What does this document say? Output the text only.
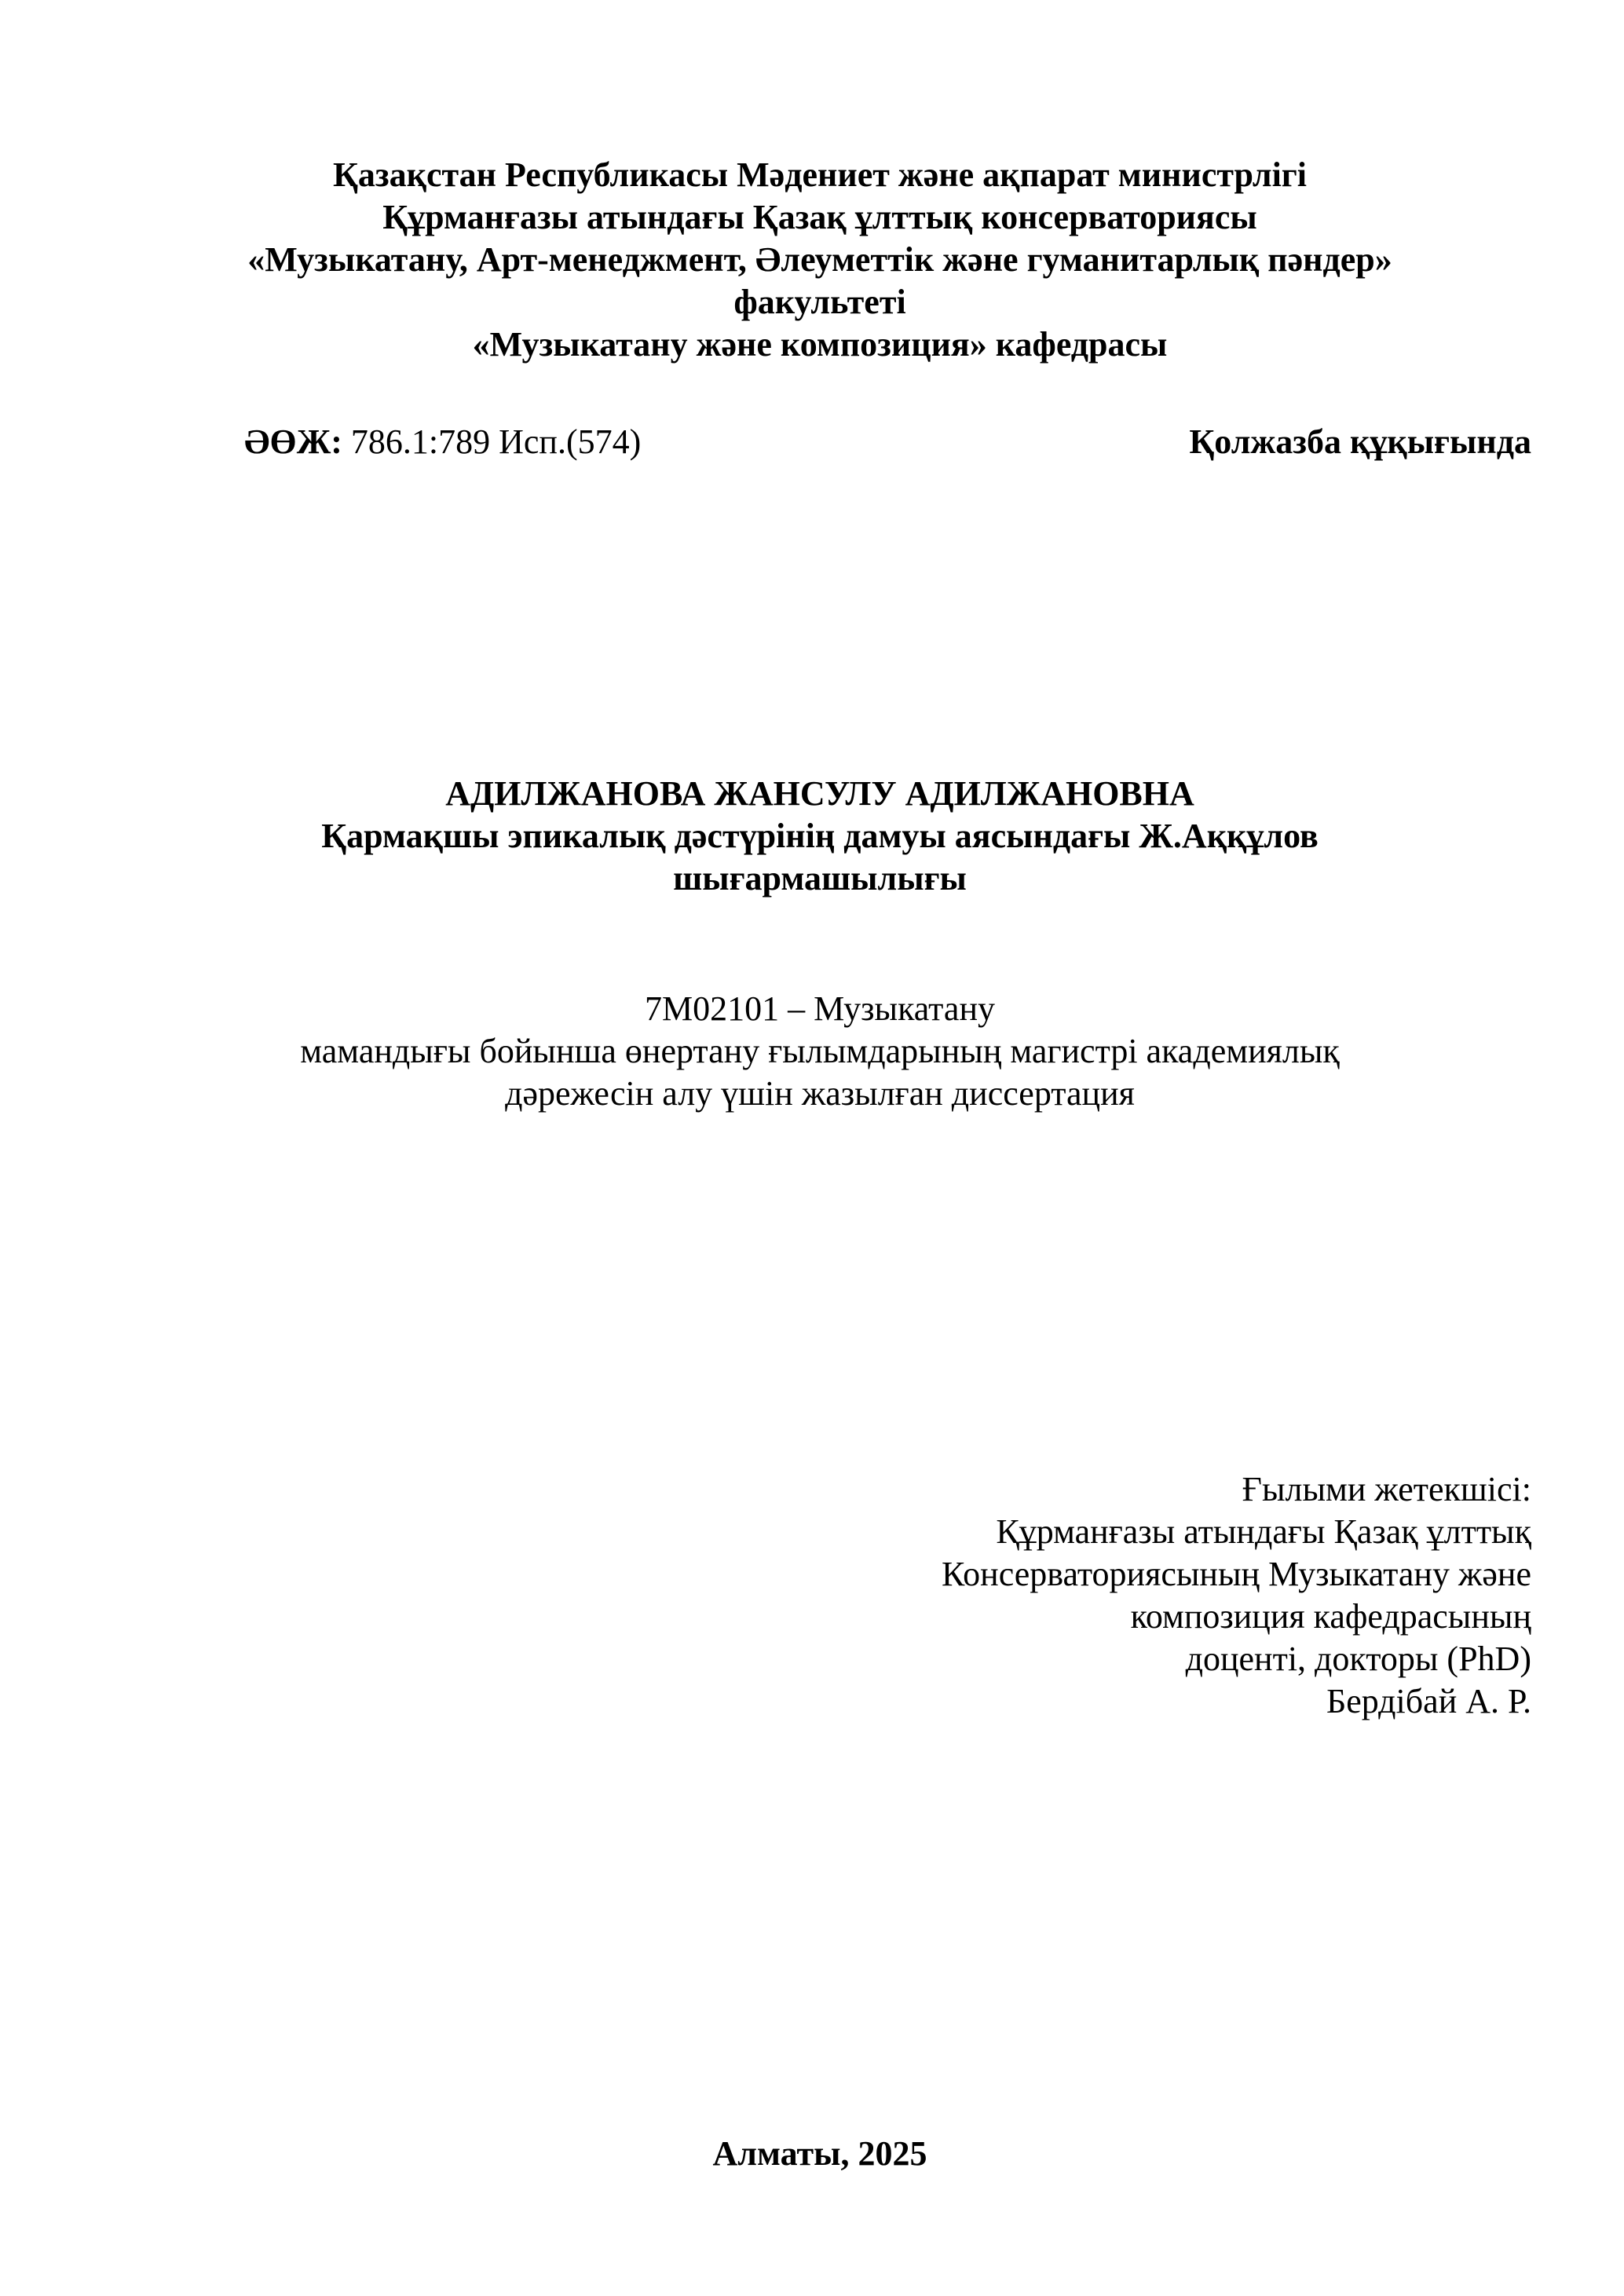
Қазақстан Республикасы Мәдениет және ақпарат министрлігі
Құрманғазы атындағы Қазақ ұлттық консерваториясы
«Музыкатану, Арт-менеджмент, Әлеуметтік және гуманитарлық пәндер»
факультеті
«Музыкатану және композиция» кафедрасы
ӘӨЖ: 786.1:789 Исп.(574)	Қолжазба құқығында
АДИЛЖАНОВА ЖАНСУЛУ АДИЛЖАНОВНА
Қармақшы эпикалық дәстүрінің дамуы аясындағы Ж.Аққұлов
шығармашылығы
7М02101 – Музыкатану
мамандығы бойынша өнертану ғылымдарының магистрі академиялық
дәрежесін алу үшін жазылған диссертация
Ғылыми жетекшісі:
Құрманғазы атындағы Қазақ ұлттық
Консерваториясының Музыкатану және
композиция кафедрасының
доценті, докторы (PhD)
Бердібай А. Р.
Алматы, 2025
